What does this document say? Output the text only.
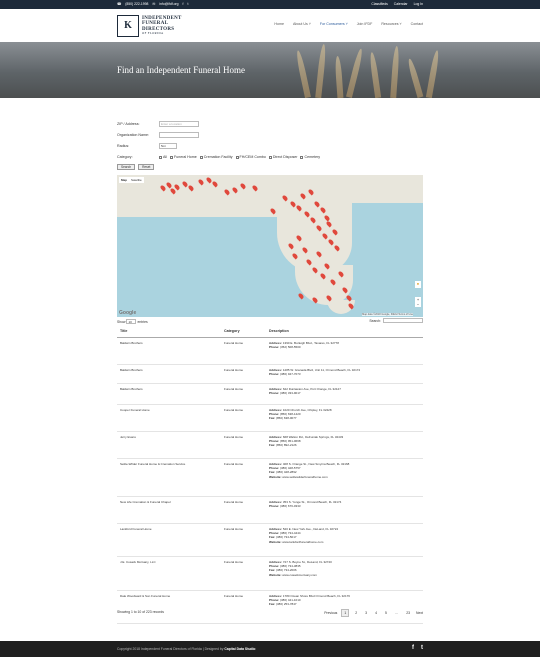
☎ (850) 222-1998 ✉ info@ifdf.org f t	Classifieds Calendar Log In
K
INDEPENDENT
FUNERAL
DIRECTORS
OF FLORIDA
Home	About Us ˅	For Consumers ˅	Join IFDF	Resources ˅	Contact
Find an Independent Funeral Home
ZIP / Address:	Enter a location
Organization Name:
Radius:	5mi
Category:	All	Funeral Home	Cremation Facility	FH/CEM Combo	Direct Disposer	Cemetery
Search	Reset
Map	Satellite
●
+
−
Google	Map data ©2018 Google, INEGI Terms of Use
Show	10	entries	Search:
Title	Category	Description
Baldwin Brothers	Funeral Home	Address: 1390 E. Burleigh Blvd., Tavares, FL 32778
Phone: (352) 508-5500

Baldwin Brothers	Funeral Home	Address: 1285 W. Granada Blvd, Unit 11, Ormond Beach, FL 32174
Phone: (386) 947-7073

Baldwin Brothers	Funeral Home	Address: 622 Dunlawton Ave, Port Orange, FL 32127
Phone: (386) 333-9017

Cooper Funeral Home	Funeral Home	Address: 1020 Church Ave, Chipley, FL 32428
Phone: (850) 638-1420
Fax: (850) 638-0077

Jerry Evans	Funeral Home	Address: 668 Walton Rd., DeFuniak Springs, FL 32433
Phone: (850) 951-0668
Fax: (850) 892-2126

Settle-Wilder Funeral Home & Cremation Service	Funeral Home	Address: 408 S. Orange St., New Smyrna Beach, FL 32168
Phone: (386) 428-5757
Fax: (386) 428-2892
Website: www.settlewilderfuneralhome.com

New Life Cremation & Funeral Chapel	Funeral Home	Address: 353 S. Yonge St., Ormond Beach, FL 32174
Phone: (386) 676-0333

Lankford Funeral Home	Funeral Home	Address: 520 E. New York Ave., DeLand, FL 32724
Phone: (386) 734-4444
Fax: (386) 734-5017
Website: www.lankfordfuneralhome.com

J.E. Cusack Mortuary, LLC	Funeral Home	Address: 727 S. Boyne St., DeLand, FL 32720
Phone: (386) 734-3835
Fax: (386) 734-2006
Website: www.cusackmortuary.com

Dale Woodward & Son Funeral Home	Funeral Home	Address: 1780 Ocean Shore Blvd Ormond Beach, FL 32176
Phone: (386) 441-1010
Fax: (386) 253-7847
Showing 1 to 10 of 223 records	Previous	1	2	3	4	5	…	23	Next
Copyright 2018 Independent Funeral Directors of Florida | Designed by Capital Data Studio	f t
